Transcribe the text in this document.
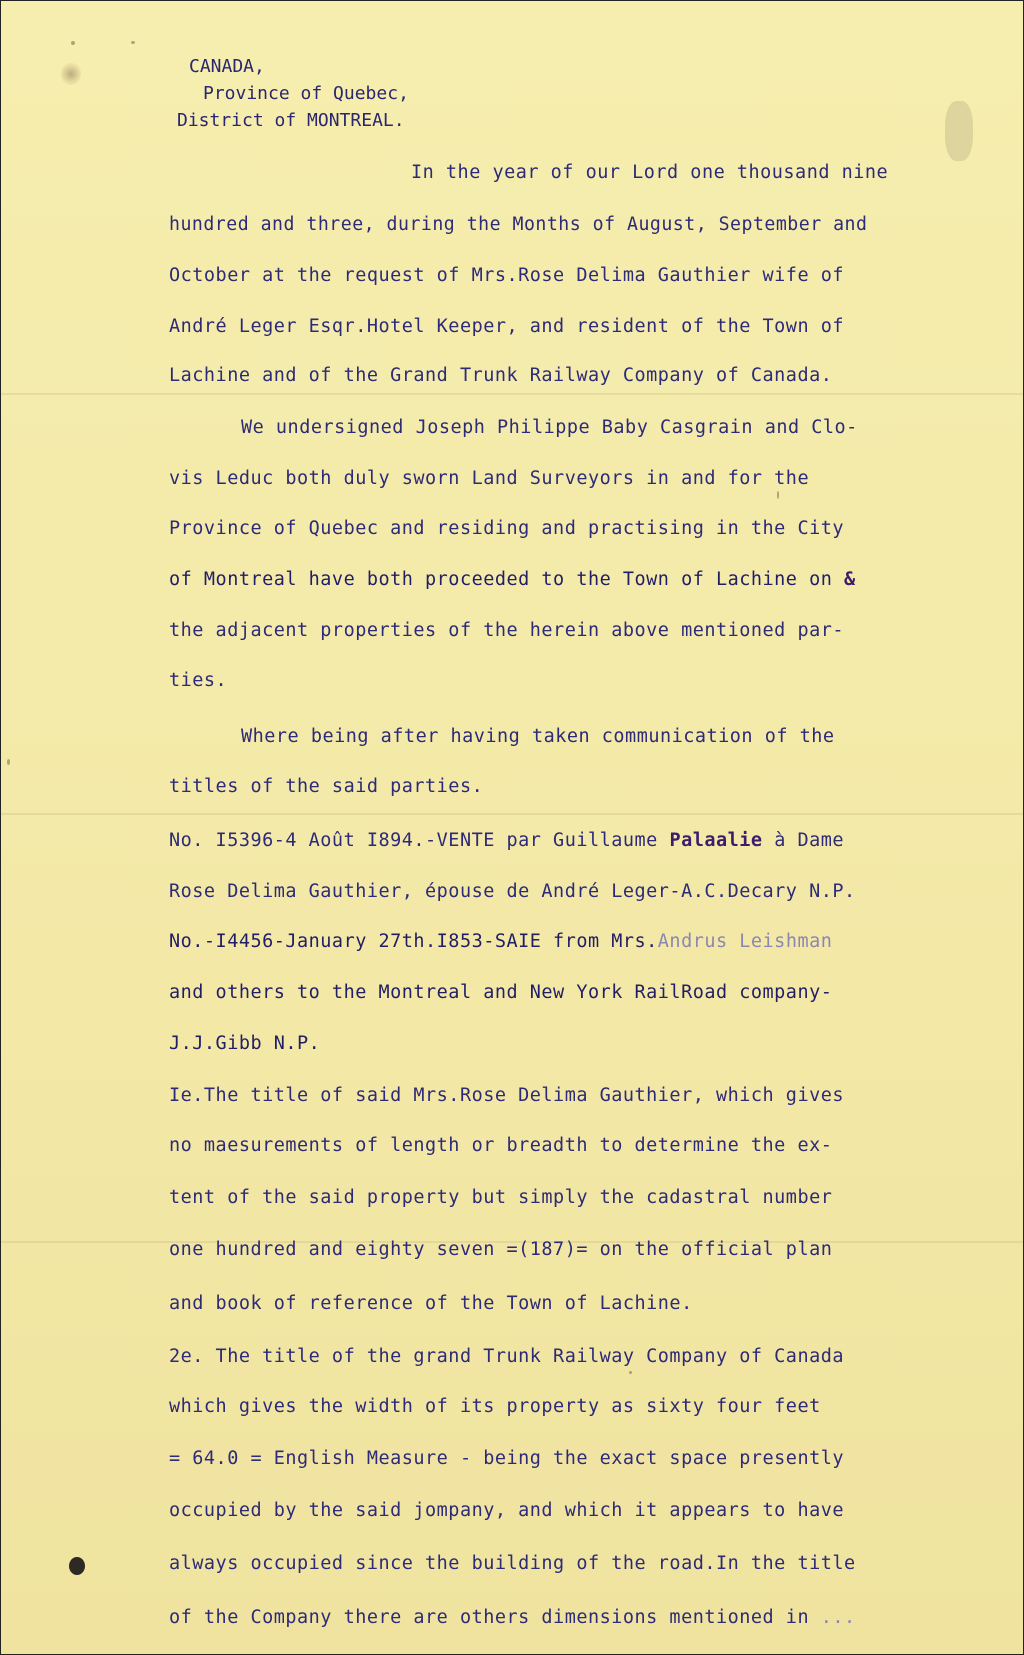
CANADA,
Province of Quebec,
District of MONTREAL.
In the year of our Lord one thousand nine
hundred and three, during the Months of August, September and
October at the request of Mrs.Rose Delima Gauthier wife of
André Leger Esqr.Hotel Keeper, and resident of the Town of
Lachine and of the Grand Trunk Railway Company of Canada.
We undersigned Joseph Philippe Baby Casgrain and Clo-
vis Leduc both duly sworn Land Surveyors in and for the
Province of Quebec and residing and practising in the City
of Montreal have both proceeded to the Town of Lachine on &
the adjacent properties of the herein above mentioned par-
ties.
Where being after having taken communication of the
titles of the said parties.
No. I5396-4 Août I894.-VENTE par Guillaume Palaalie à Dame
Rose Delima Gauthier, épouse de André Leger-A.C.Decary N.P.
No.-I4456-January 27th.I853-SAIE from Mrs.Andrus Leishman
and others to the Montreal and New York RailRoad company-
J.J.Gibb N.P.
Ie.The title of said Mrs.Rose Delima Gauthier, which gives
no maesurements of length or breadth to determine the ex-
tent of the said property but simply the cadastral number
one hundred and eighty seven =(187)= on the official plan
and book of reference of the Town of Lachine.
2e. The title of the grand Trunk Railway Company of Canada
which gives the width of its property as sixty four feet
= 64.0 = English Measure - being the exact space presently
occupied by the said jompany, and which it appears to have
always occupied since the building of the road.In the title
of the Company there are others dimensions mentioned in ...
